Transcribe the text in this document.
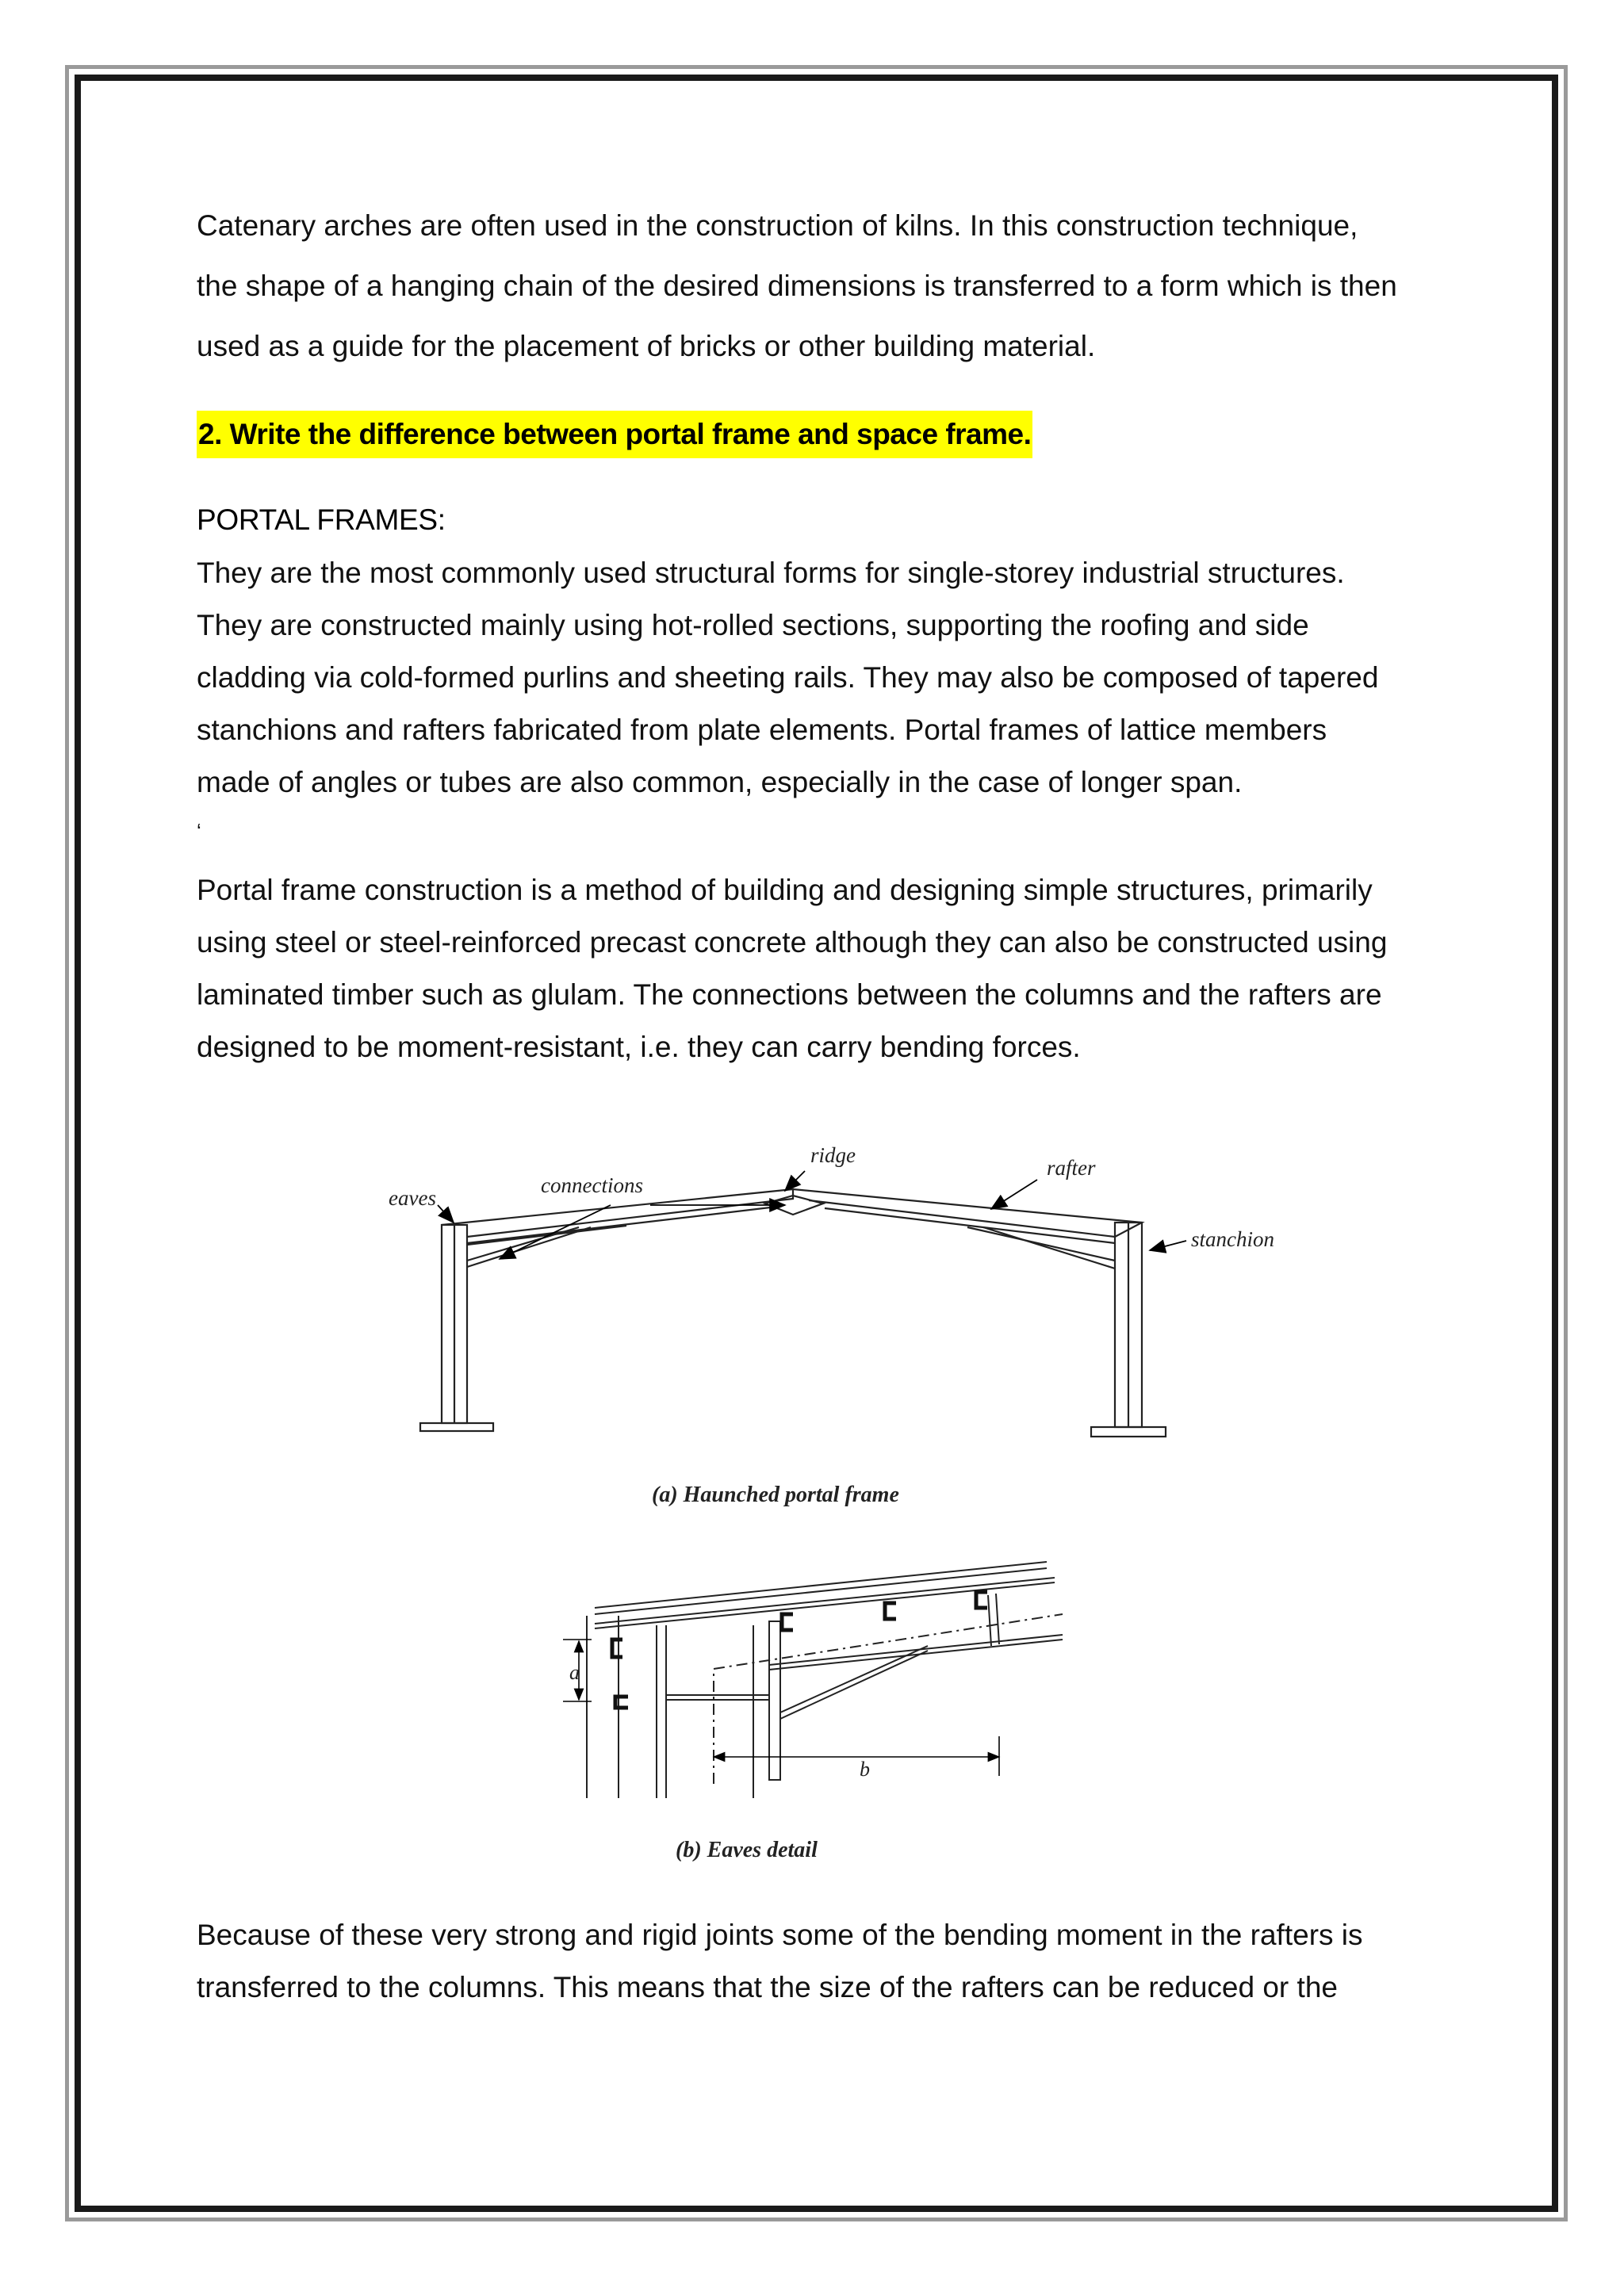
Catenary arches are often used in the construction of kilns. In this construction technique,
the shape of a hanging chain of the desired dimensions is transferred to a form which is then
used as a guide for the placement of bricks or other building material.
2. Write the difference between portal frame and space frame.
PORTAL FRAMES:
They are the most commonly used structural forms for single-storey industrial structures.
They are constructed mainly using hot-rolled sections, supporting the roofing and side
cladding via cold-formed purlins and sheeting rails. They may also be composed of tapered
stanchions and rafters fabricated from plate elements. Portal frames of lattice members
made of angles or tubes are also common, especially in the case of longer span.
‘
Portal frame construction is a method of building and designing simple structures, primarily
using steel or steel-reinforced precast concrete although they can also be constructed using
laminated timber such as glulam. The connections between the columns and the rafters are
designed to be moment-resistant, i.e. they can carry bending forces.
eaves
connections
ridge
rafter
stanchion
(a) Haunched portal frame
a
b
(b) Eaves detail
Because of these very strong and rigid joints some of the bending moment in the rafters is
transferred to the columns. This means that the size of the rafters can be reduced or the
